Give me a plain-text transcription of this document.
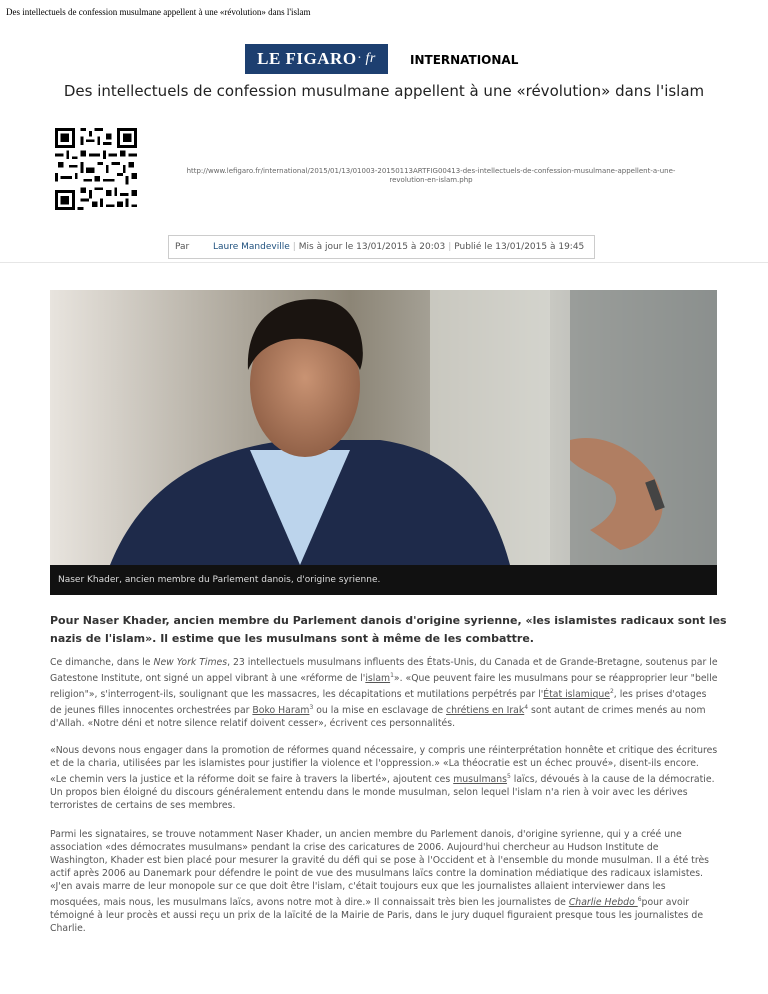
Des intellectuels de confession musulmane appellent à une «révolution» dans l'islam
LE FIGARO · fr	INTERNATIONAL
Des intellectuels de confession musulmane appellent à une «révolution» dans l'islam
http://www.lefigaro.fr/international/2015/01/13/01003-20150113ARTFIG00413-des-intellectuels-de-confession-musulmane-appellent-a-une-revolution-en-islam.php
Par	Laure Mandeville | Mis à jour le 13/01/2015 à 20:03 | Publié le 13/01/2015 à 19:45
Naser Khader, ancien membre du Parlement danois, d'origine syrienne.
Pour Naser Khader, ancien membre du Parlement danois d'origine syrienne, «les islamistes radicaux sont les nazis de l'islam». Il estime que les musulmans sont à même de les combattre.
Ce dimanche, dans le New York Times, 23 intellectuels musulmans influents des États-Unis, du Canada et de Grande-Bretagne, soutenus par le Gatestone Institute, ont signé un appel vibrant à une «réforme de l'islam$^1$». «Que peuvent faire les musulmans pour se réapproprier leur "belle religion"», s'interrogent-ils, soulignant que les massacres, les décapitations et mutilations perpétrés par l'État islamique$^2$, les prises d'otages de jeunes filles innocentes orchestrées par Boko Haram$^3$ ou la mise en esclavage de chrétiens en Irak$^4$ sont autant de crimes menés au nom d'Allah. «Notre déni et notre silence relatif doivent cesser», écrivent ces personnalités.
«Nous devons nous engager dans la promotion de réformes quand nécessaire, y compris une réinterprétation honnête et critique des écritures et de la charia, utilisées par les islamistes pour justifier la violence et l'oppression.» «La théocratie est un échec prouvé», disent-ils encore. «Le chemin vers la justice et la réforme doit se faire à travers la liberté», ajoutent ces musulmans$^5$ laïcs, dévoués à la cause de la démocratie. Un propos bien éloigné du discours généralement entendu dans le monde musulman, selon lequel l'islam n'a rien à voir avec les dérives terroristes de certains de ses membres.
Parmi les signataires, se trouve notamment Naser Khader, un ancien membre du Parlement danois, d'origine syrienne, qui y a créé une association «des démocrates musulmans» pendant la crise des caricatures de 2006. Aujourd'hui chercheur au Hudson Institute de Washington, Khader est bien placé pour mesurer la gravité du défi qui se pose à l'Occident et à l'ensemble du monde musulman. Il a été très actif après 2006 au Danemark pour défendre le point de vue des musulmans laïcs contre la domination médiatique des radicaux islamistes. «J'en avais marre de leur monopole sur ce que doit être l'islam, c'était toujours eux que les journalistes allaient interviewer dans les mosquées, mais nous, les musulmans laïcs, avons notre mot à dire.» Il connaissait très bien les journalistes de Charlie Hebdo $^6$pour avoir témoigné à leur procès et aussi reçu un prix de la laïcité de la Mairie de Paris, dans le jury duquel figuraient presque tous les journalistes de Charlie.
